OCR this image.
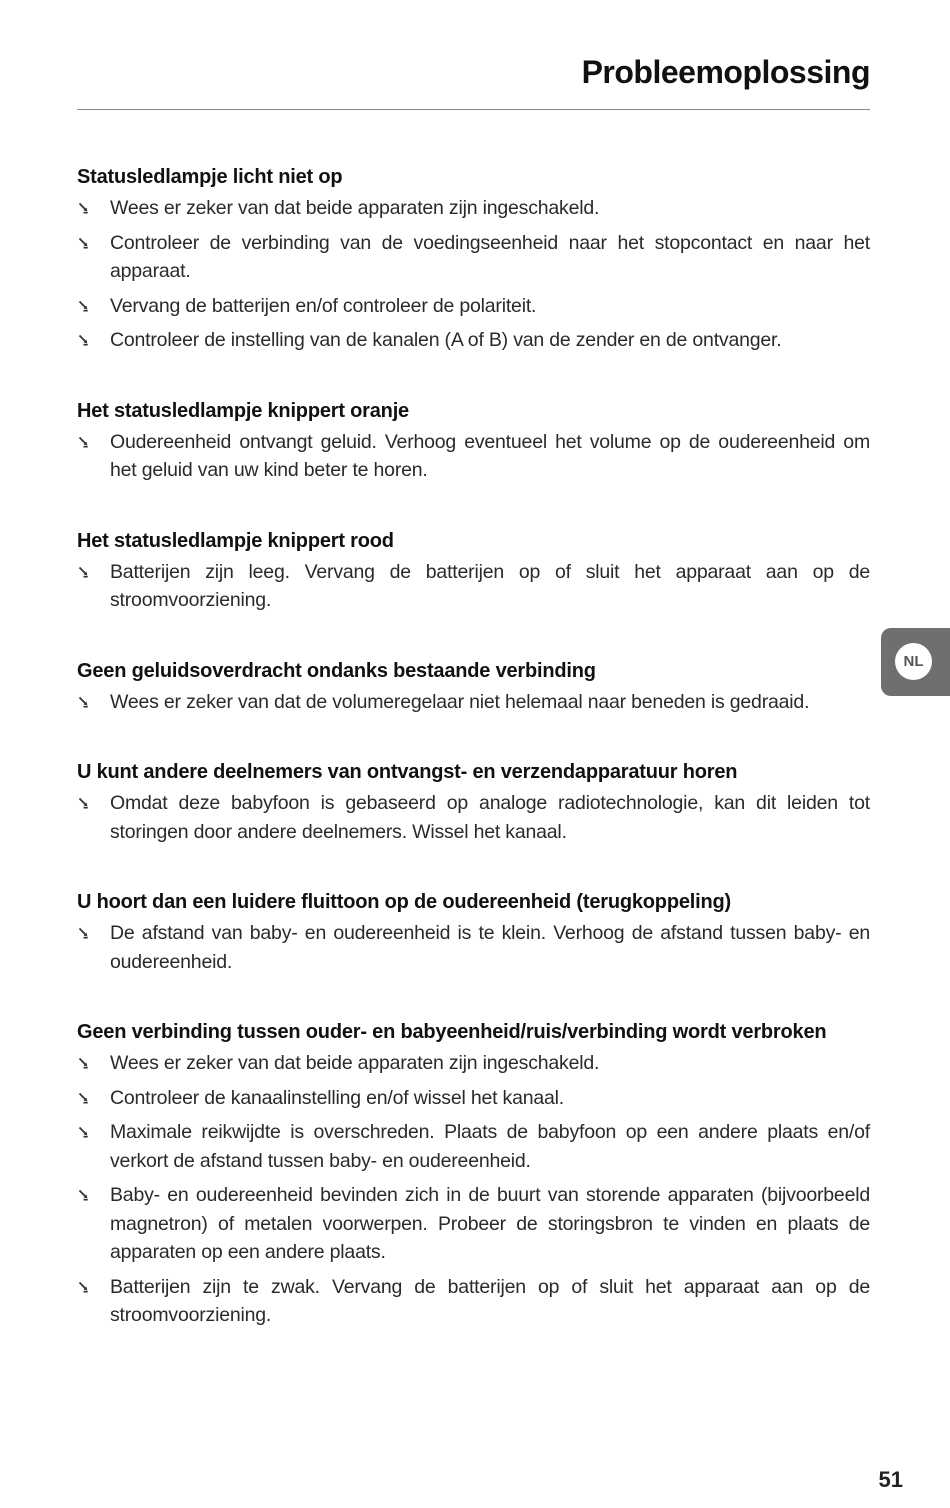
Probleemoplossing
Statusledlampje licht niet op
⭸ Wees er zeker van dat beide apparaten zijn ingeschakeld.
⭸ Controleer de verbinding van de voedingseenheid naar het stopcontact en naar het apparaat.
⭸ Vervang de batterijen en/of controleer de polariteit.
⭸ Controleer de instelling van de kanalen (A of B) van de zender en de ontvanger.
Het statusledlampje knippert oranje
⭸ Oudereenheid ontvangt geluid. Verhoog eventueel het volume op de oudereenheid om het geluid van uw kind beter te horen.
Het statusledlampje knippert rood
⭸ Batterijen zijn leeg. Vervang de batterijen op of sluit het apparaat aan op de stroomvoorziening.
Geen geluidsoverdracht ondanks bestaande verbinding
⭸ Wees er zeker van dat de volumeregelaar niet helemaal naar beneden is gedraaid.
U kunt andere deelnemers van ontvangst- en verzendapparatuur horen
⭸ Omdat deze babyfoon is gebaseerd op analoge radiotechnologie, kan dit leiden tot storingen door andere deelnemers. Wissel het kanaal.
U hoort dan een luidere fluittoon op de oudereenheid (terugkoppeling)
⭸ De afstand van baby- en oudereenheid is te klein. Verhoog de afstand tussen baby- en oudereenheid.
Geen verbinding tussen ouder- en babyeenheid/ruis/verbinding wordt verbroken
⭸ Wees er zeker van dat beide apparaten zijn ingeschakeld.
⭸ Controleer de kanaalinstelling en/of wissel het kanaal.
⭸ Maximale reikwijdte is overschreden. Plaats de babyfoon op een andere plaats en/of verkort de afstand tussen baby- en oudereenheid.
⭸ Baby- en oudereenheid bevinden zich in de buurt van storende apparaten (bijvoorbeeld magnetron) of metalen voorwerpen. Probeer de storingsbron te vinden en plaats de apparaten op een andere plaats.
⭸ Batterijen zijn te zwak. Vervang de batterijen op of sluit het apparaat aan op de stroomvoorziening.
NL
51
